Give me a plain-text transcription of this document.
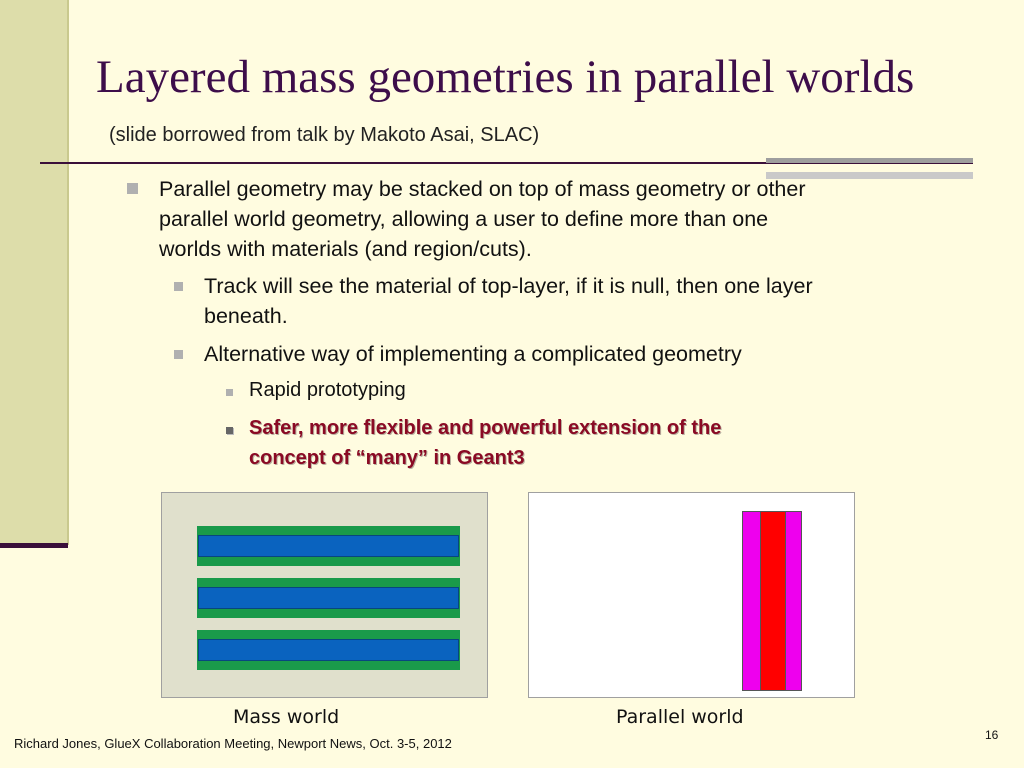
Layered mass geometries in parallel worlds
(slide borrowed from talk by Makoto Asai, SLAC)
Parallel geometry may be stacked on top of mass geometry or other
parallel world geometry, allowing a user to define more than one
worlds with materials (and region/cuts).
Track will see the material of top-layer, if it is null, then one layer
beneath.
Alternative way of implementing a complicated geometry
Rapid prototyping
Safer, more flexible and powerful extension of the
concept of “many” in Geant3
Mass world	Parallel world
Richard Jones, GlueX Collaboration Meeting, Newport News, Oct. 3-5, 2012
16
